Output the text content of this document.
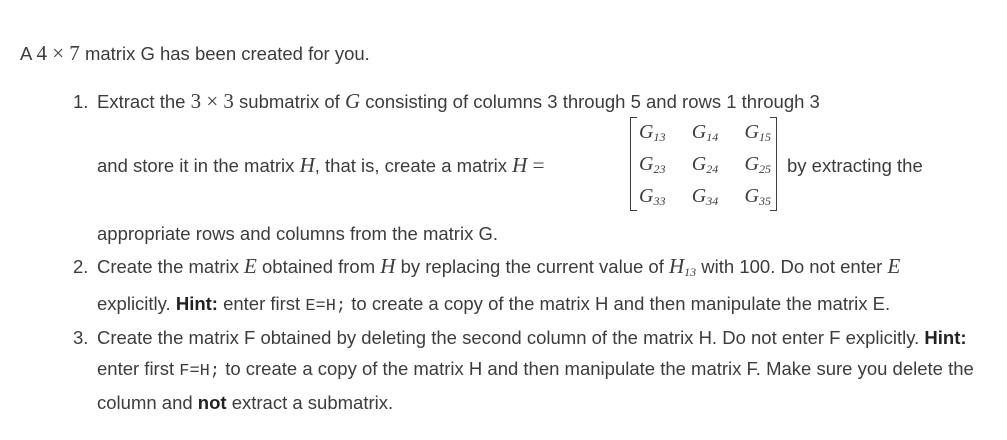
A 4 × 7 matrix G has been created for you.
1. Extract the 3 × 3 submatrix of G consisting of columns 3 through 5 and rows 1 through 3
and store it in the matrix H, that is, create a matrix H =
$G_{13}$ $G_{14}$ $G_{15}$
$G_{23}$ $G_{24}$ $G_{25}$
$G_{33}$ $G_{34}$ $G_{35}$
by extracting the
appropriate rows and columns from the matrix G.
2. Create the matrix E obtained from H by replacing the current value of $H_{13}$ with 100. Do not enter E explicitly. Hint: enter first E=H; to create a copy of the matrix H and then manipulate the matrix E.
3. Create the matrix F obtained by deleting the second column of the matrix H. Do not enter F explicitly. Hint: enter first F=H; to create a copy of the matrix H and then manipulate the matrix F. Make sure you delete the column and not extract a submatrix.
